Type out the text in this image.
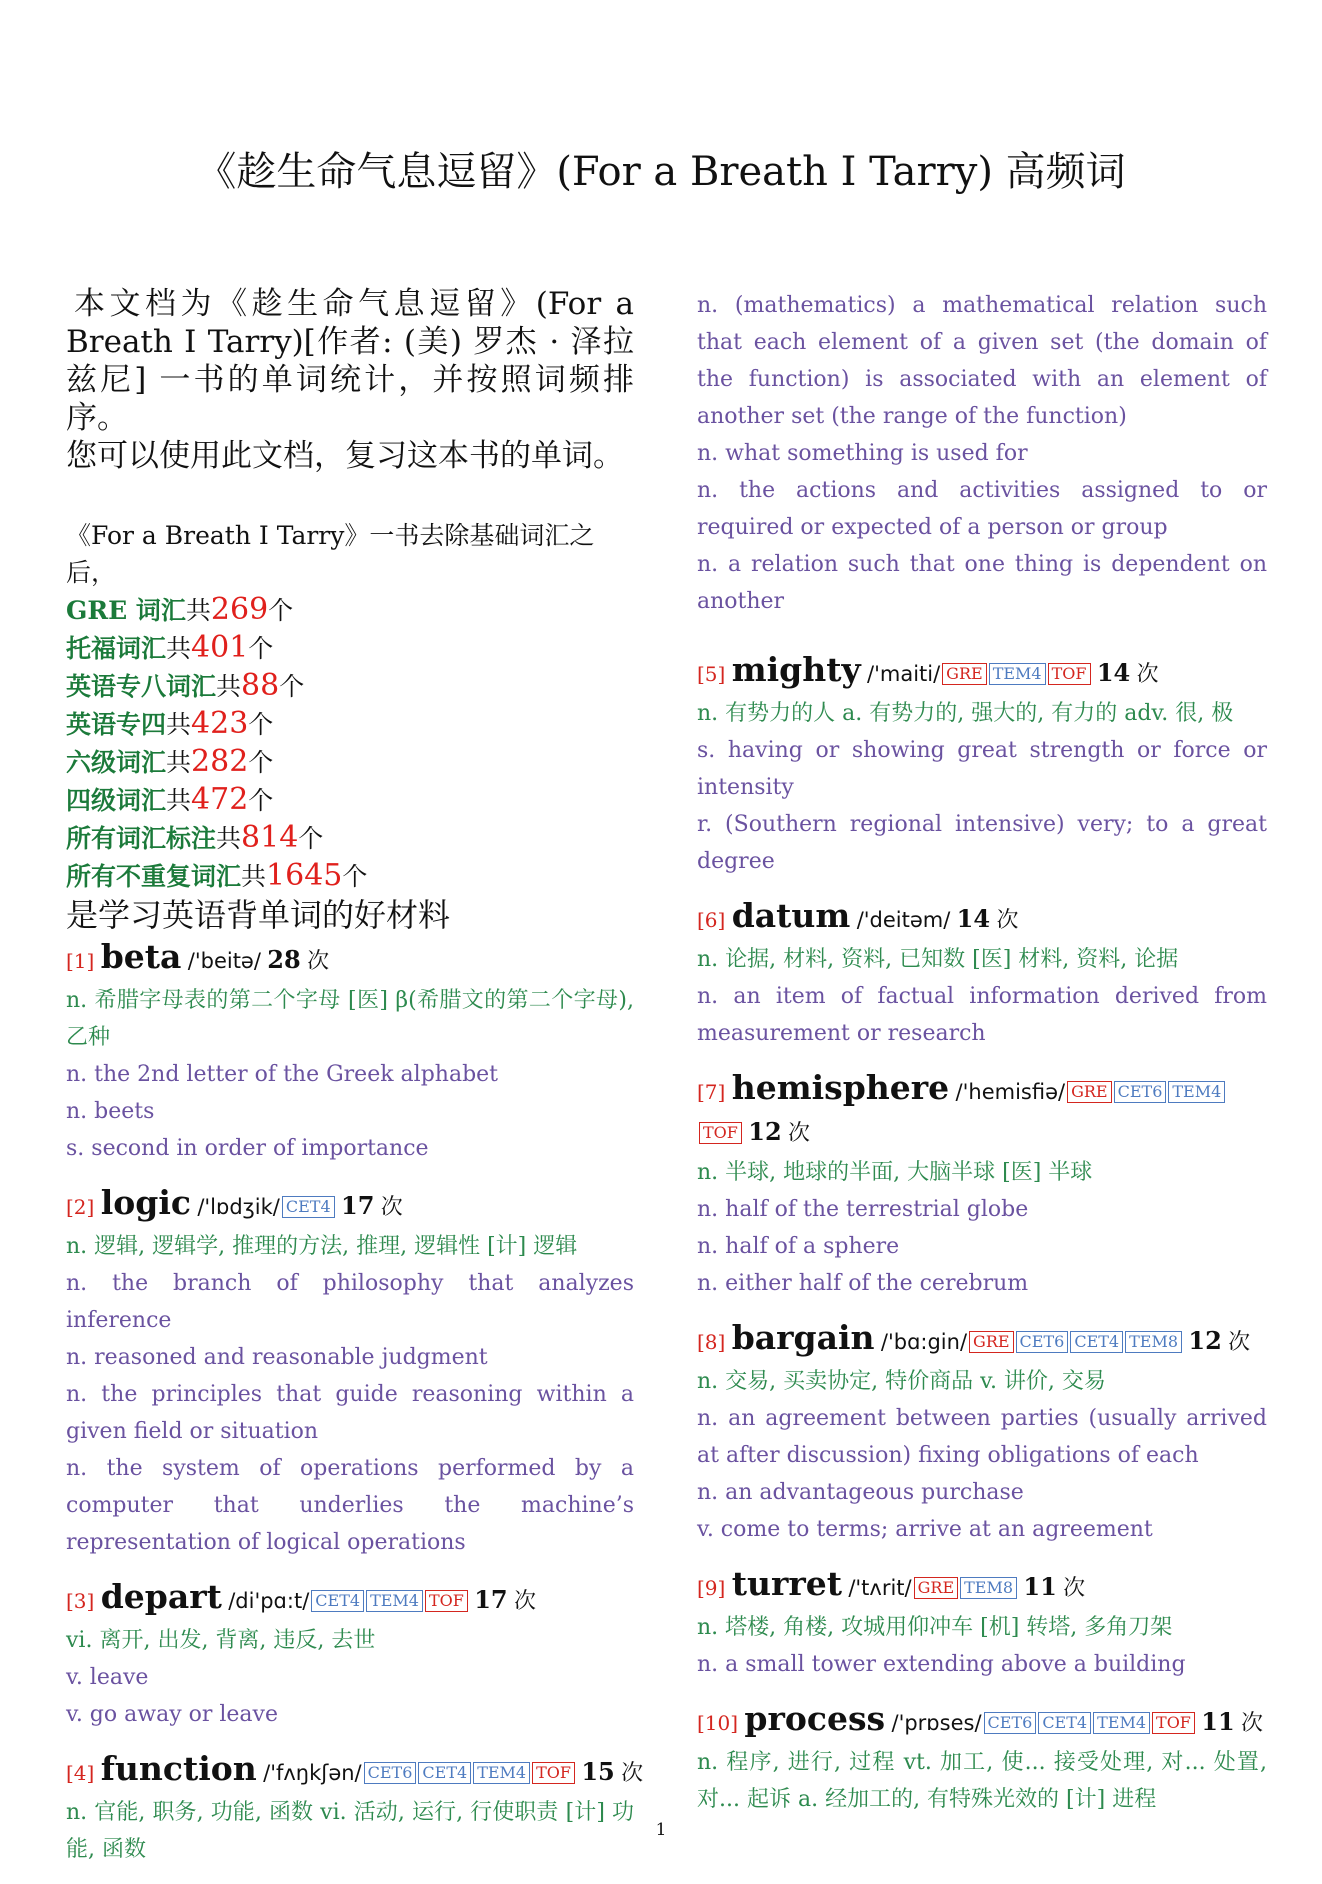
《趁生命气息逗留》(For a Breath I Tarry) 高频词
本文档为《趁生命气息逗留》(For a Breath I Tarry)[作者: (美) 罗杰 · 泽拉兹尼] 一书的单词统计，并按照词频排序。
您可以使用此文档，复习这本书的单词。
《For a Breath I Tarry》一书去除基础词汇之后，
GRE 词汇共269个
托福词汇共401个
英语专八词汇共88个
英语专四共423个
六级词汇共282个
四级词汇共472个
所有词汇标注共814个
所有不重复词汇共1645个
是学习英语背单词的好材料
[1] beta /'beitə/ 28 次
n. 希腊字母表的第二个字母 [医] β(希腊文的第二个字母), 乙种
n. the 2nd letter of the Greek alphabet
n. beets
s. second in order of importance
[2] logic /'lɒdʒik/ CET4 17 次
n. 逻辑, 逻辑学, 推理的方法, 推理, 逻辑性 [计] 逻辑
n. the branch of philosophy that analyzes inference
n. reasoned and reasonable judgment
n. the principles that guide reasoning within a given field or situation
n. the system of operations performed by a computer that underlies the machine’s representation of logical operations
[3] depart /di'pɑ:t/ CET4 TEM4 TOF 17 次
vi. 离开, 出发, 背离, 违反, 去世
v. leave
v. go away or leave
[4] function /'fʌŋkʃən/ CET6 CET4 TEM4 TOF 15 次
n. 官能, 职务, 功能, 函数 vi. 活动, 运行, 行使职责 [计] 功能, 函数
n. (mathematics) a mathematical relation such that each element of a given set (the domain of the function) is associated with an element of another set (the range of the function)
n. what something is used for
n. the actions and activities assigned to or required or expected of a person or group
n. a relation such that one thing is dependent on another
[5] mighty /'maiti/ GRE TEM4 TOF 14 次
n. 有势力的人 a. 有势力的, 强大的, 有力的 adv. 很, 极
s. having or showing great strength or force or intensity
r. (Southern regional intensive) very; to a great degree
[6] datum /'deitəm/ 14 次
n. 论据, 材料, 资料, 已知数 [医] 材料, 资料, 论据
n. an item of factual information derived from measurement or research
[7] hemisphere /'hemisfiə/ GRE CET6 TEM4TOF 12 次
n. 半球, 地球的半面, 大脑半球 [医] 半球
n. half of the terrestrial globe
n. half of a sphere
n. either half of the cerebrum
[8] bargain /'bɑ:gin/ GRE CET6 CET4 TEM8 12 次
n. 交易, 买卖协定, 特价商品 v. 讲价, 交易
n. an agreement between parties (usually arrived at after discussion) fixing obligations of each
n. an advantageous purchase
v. come to terms; arrive at an agreement
[9] turret /'tʌrit/ GRE TEM8 11 次
n. 塔楼, 角楼, 攻城用仰冲车 [机] 转塔, 多角刀架
n. a small tower extending above a building
[10] process /'prɒses/ CET6 CET4 TEM4 TOF 11 次
n. 程序, 进行, 过程 vt. 加工, 使... 接受处理, 对... 处置, 对... 起诉 a. 经加工的, 有特殊光效的 [计] 进程
1
